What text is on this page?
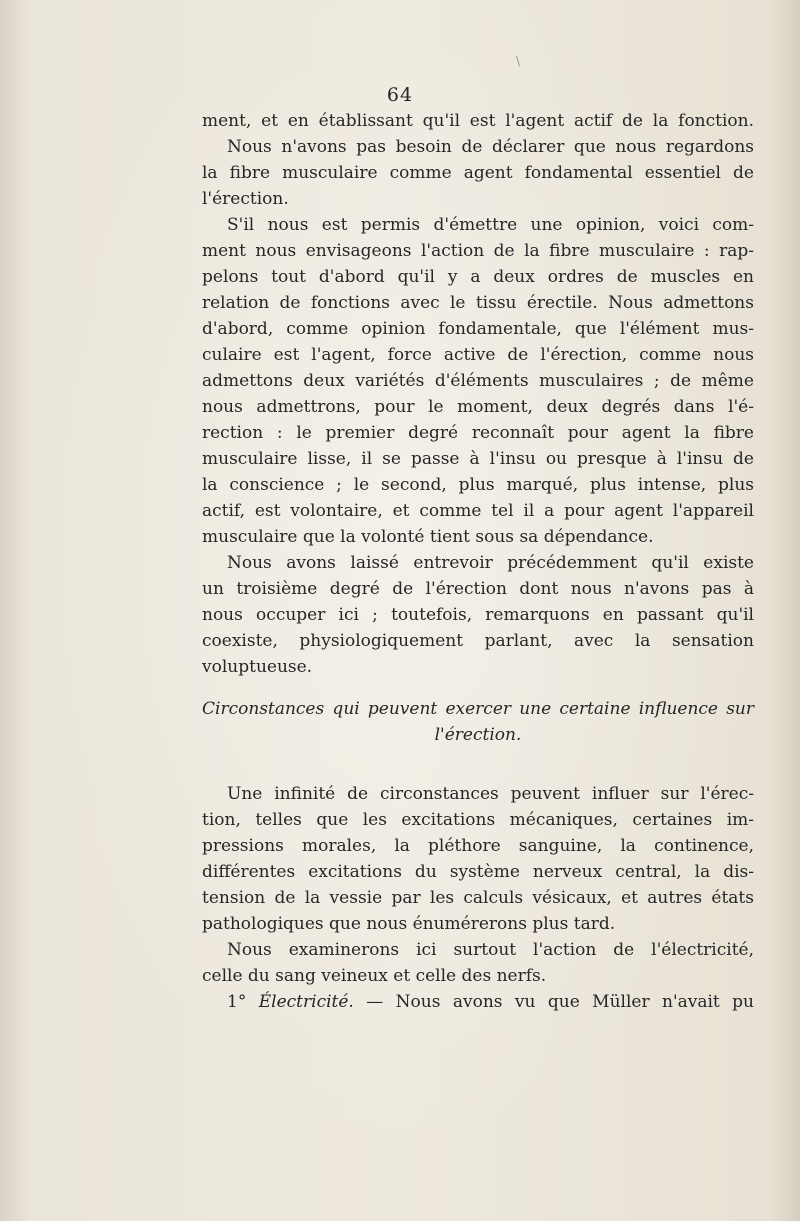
64
ment, et en établissant qu'il est l'agent actif de la fonction.
Nous n'avons pas besoin de déclarer que nous regardons
la fibre musculaire comme agent fondamental essentiel de
l'érection.
S'il nous est permis d'émettre une opinion, voici com-
ment nous envisageons l'action de la fibre musculaire : rap-
pelons tout d'abord qu'il y a deux ordres de muscles en
relation de fonctions avec le tissu érectile. Nous admettons
d'abord, comme opinion fondamentale, que l'élément mus-
culaire est l'agent, force active de l'érection, comme nous
admettons deux variétés d'éléments musculaires ; de même
nous admettrons, pour le moment, deux degrés dans l'é-
rection : le premier degré reconnaît pour agent la fibre
musculaire lisse, il se passe à l'insu ou presque à l'insu de
la conscience ; le second, plus marqué, plus intense, plus
actif, est volontaire, et comme tel il a pour agent l'appareil
musculaire que la volonté tient sous sa dépendance.
Nous avons laissé entrevoir précédemment qu'il existe
un troisième degré de l'érection dont nous n'avons pas à
nous occuper ici ; toutefois, remarquons en passant qu'il
coexiste, physiologiquement parlant, avec la sensation
voluptueuse.
Circonstances qui peuvent exercer une certaine influence sur
l'érection.
Une infinité de circonstances peuvent influer sur l'érec-
tion, telles que les excitations mécaniques, certaines im-
pressions morales, la pléthore sanguine, la continence,
différentes excitations du système nerveux central, la dis-
tension de la vessie par les calculs vésicaux, et autres états
pathologiques que nous énumérerons plus tard.
Nous examinerons ici surtout l'action de l'électricité,
celle du sang veineux et celle des nerfs.
1° Électricité. — Nous avons vu que Müller n'avait pu
\
